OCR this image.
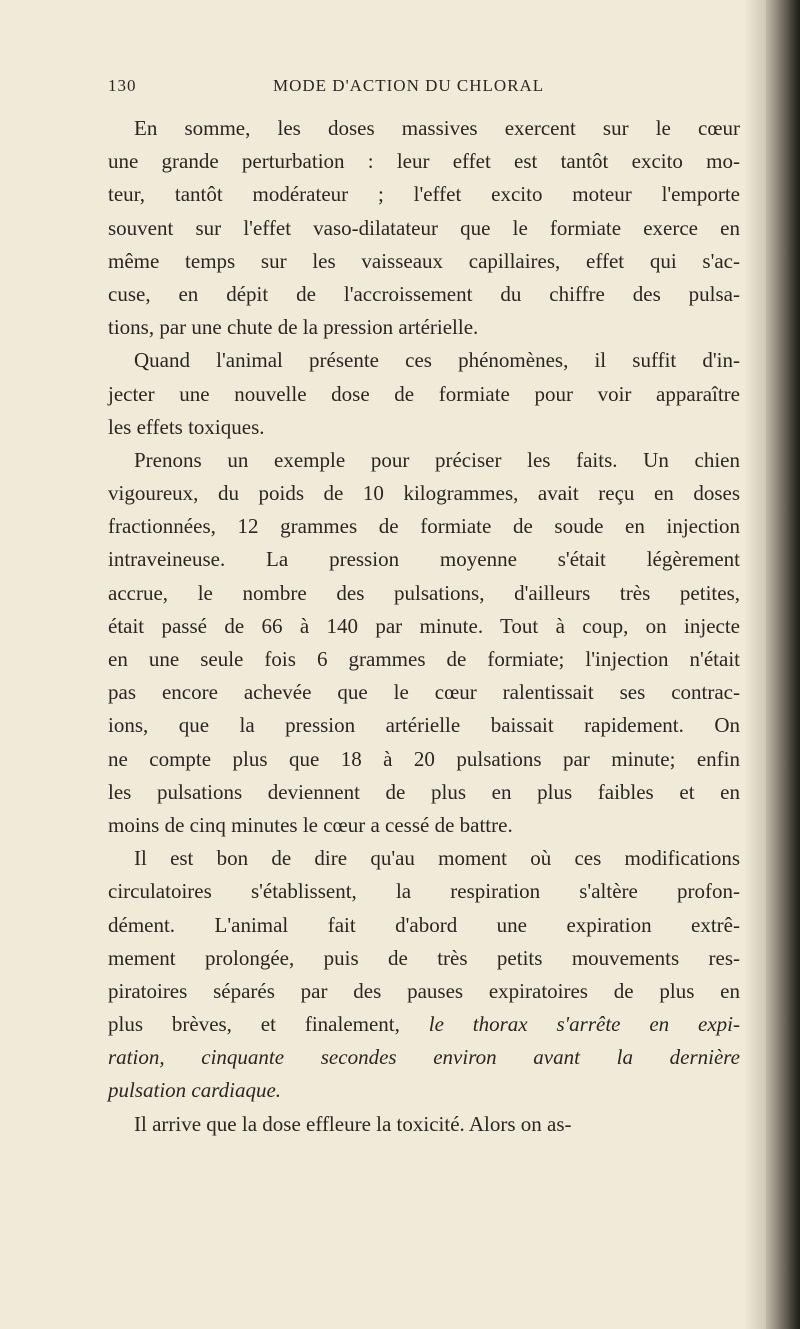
130	MODE D'ACTION DU CHLORAL
En somme, les doses massives exercent sur le cœur
une grande perturbation : leur effet est tantôt excito mo-
teur, tantôt modérateur ; l'effet excito moteur l'emporte
souvent sur l'effet vaso-dilatateur que le formiate exerce en
même temps sur les vaisseaux capillaires, effet qui s'ac-
cuse, en dépit de l'accroissement du chiffre des pulsa-
tions, par une chute de la pression artérielle.
Quand l'animal présente ces phénomènes, il suffit d'in-
jecter une nouvelle dose de formiate pour voir apparaître
les effets toxiques.
Prenons un exemple pour préciser les faits. Un chien
vigoureux, du poids de 10 kilogrammes, avait reçu en doses
fractionnées, 12 grammes de formiate de soude en injection
intraveineuse. La pression moyenne s'était légèrement
accrue, le nombre des pulsations, d'ailleurs très petites,
était passé de 66 à 140 par minute. Tout à coup, on injecte
en une seule fois 6 grammes de formiate; l'injection n'était
pas encore achevée que le cœur ralentissait ses contrac-
ions, que la pression artérielle baissait rapidement. On
ne compte plus que 18 à 20 pulsations par minute; enfin
les pulsations deviennent de plus en plus faibles et en
moins de cinq minutes le cœur a cessé de battre.
Il est bon de dire qu'au moment où ces modifications
circulatoires s'établissent, la respiration s'altère profon-
dément. L'animal fait d'abord une expiration extrê-
mement prolongée, puis de très petits mouvements res-
piratoires séparés par des pauses expiratoires de plus en
plus brèves, et finalement, le thorax s'arrête en expi-
ration, cinquante secondes environ avant la dernière
pulsation cardiaque.
Il arrive que la dose effleure la toxicité. Alors on as-
